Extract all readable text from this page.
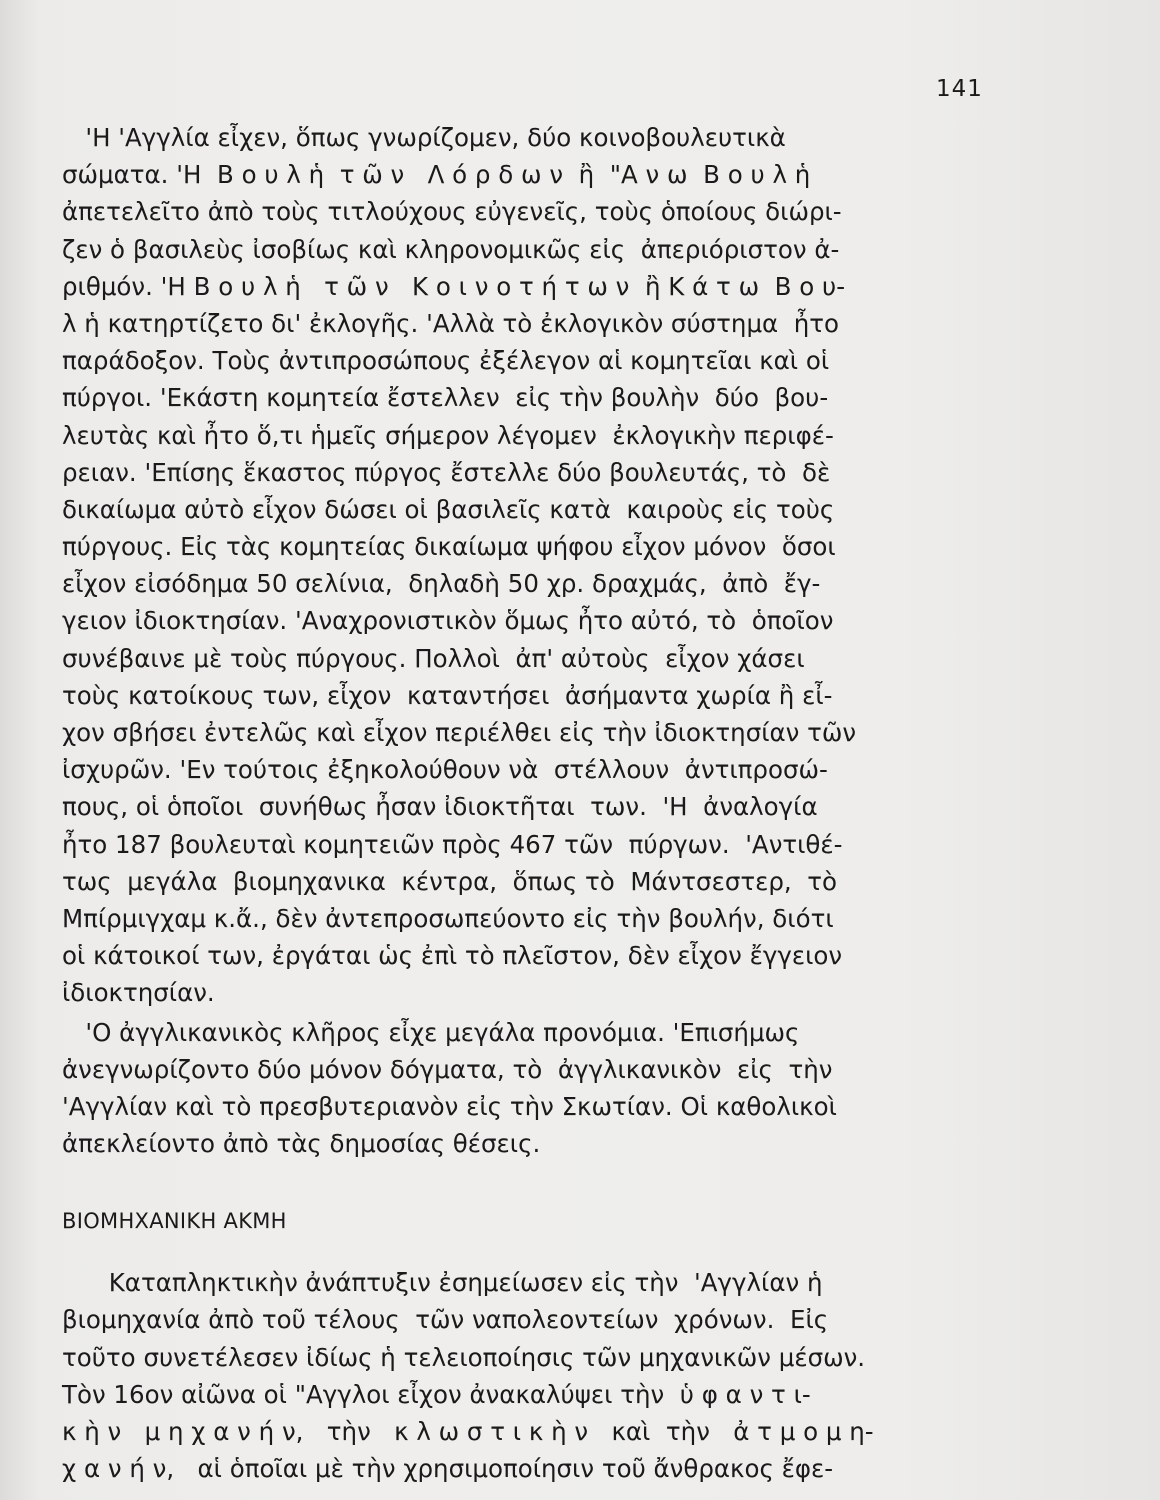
141
'Η 'Αγγλία εἶχεν, ὅπως γνωρίζομεν, δύο κοινοβουλευτικὰ
σώματα. 'Η  Β ο υ λ ἡ  τ ῶ ν   Λ ό ρ δ ω ν  ἢ  "Α ν ω  Β ο υ λ ἡ
ἀπετελεῖτο ἀπὸ τοὺς τιτλούχους εὐγενεῖς, τοὺς ὁποίους διώρι-
ζεν ὁ βασιλεὺς ἰσοβίως καὶ κληρονομικῶς εἰς  ἀπεριόριστον ἀ-
ριθμόν. 'Η Β ο υ λ ἡ   τ ῶ ν   Κ ο ι ν ο τ ή τ ω ν  ἢ Κ ά τ ω  Β ο υ-
λ ἡ κατηρτίζετο δι' ἐκλογῆς. 'Αλλὰ τὸ ἐκλογικὸν σύστημα  ἦτο
παράδοξον. Τοὺς ἀντιπροσώπους ἐξέλεγον αἱ κομητεῖαι καὶ οἱ
πύργοι. 'Εκάστη κομητεία ἔστελλεν  εἰς τὴν βουλὴν  δύο  βου-
λευτὰς καὶ ἦτο ὅ,τι ἡμεῖς σήμερον λέγομεν  ἐκλογικὴν περιφέ-
ρειαν. 'Επίσης ἕκαστος πύργος ἔστελλε δύο βουλευτάς, τὸ  δὲ
δικαίωμα αὐτὸ εἶχον δώσει οἱ βασιλεῖς κατὰ  καιροὺς εἰς τοὺς
πύργους. Εἰς τὰς κομητείας δικαίωμα ψήφου εἶχον μόνον  ὅσοι
εἶχον εἰσόδημα 50 σελίνια,  δηλαδὴ 50 χρ. δραχμάς,  ἀπὸ  ἔγ-
γειον ἰδιοκτησίαν. 'Αναχρονιστικὸν ὅμως ἦτο αὐτό, τὸ  ὁποῖον
συνέβαινε μὲ τοὺς πύργους. Πολλοὶ  ἀπ' αὐτοὺς  εἶχον χάσει
τοὺς κατοίκους των, εἶχον  καταντήσει  ἀσήμαντα χωρία ἢ εἶ-
χον σβήσει ἐντελῶς καὶ εἶχον περιέλθει εἰς τὴν ἰδιοκτησίαν τῶν
ἰσχυρῶν. 'Εν τούτοις ἐξηκολούθουν νὰ  στέλλουν  ἀντιπροσώ-
πους, οἱ ὁποῖοι  συνήθως ἦσαν ἰδιοκτῆται  των.  'Η  ἀναλογία
ἦτο 187 βουλευταὶ κομητειῶν πρὸς 467 τῶν  πύργων.  'Αντιθέ-
τως  μεγάλα  βιομηχανικα  κέντρα,  ὅπως τὸ  Μάντσεστερ,  τὸ
Μπίρμιγχαμ κ.ἄ., δὲν ἀντεπροσωπεύοντο εἰς τὴν βουλήν, διότι
οἱ κάτοικοί των, ἐργάται ὡς ἐπὶ τὸ πλεῖστον, δὲν εἶχον ἔγγειον
ἰδιοκτησίαν.
'Ο ἀγγλικανικὸς κλῆρος εἶχε μεγάλα προνόμια. 'Επισήμως
ἀνεγνωρίζοντο δύο μόνον δόγματα, τὸ  ἀγγλικανικὸν  εἰς  τὴν
'Αγγλίαν καὶ τὸ πρεσβυτεριανὸν εἰς τὴν Σκωτίαν. Οἱ καθολικοὶ
ἀπεκλείοντο ἀπὸ τὰς δημοσίας θέσεις.
ΒΙΟΜΗΧΑΝΙΚΗ ΑΚΜΗ
Καταπληκτικὴν ἀνάπτυξιν ἐσημείωσεν εἰς τὴν  'Αγγλίαν ἡ
βιομηχανία ἀπὸ τοῦ τέλους  τῶν ναπολεοντείων  χρόνων.  Εἰς
τοῦτο συνετέλεσεν ἰδίως ἡ τελειοποίησις τῶν μηχανικῶν μέσων.
Τὸν 16ον αἰῶνα οἱ "Αγγλοι εἶχον ἀνακαλύψει τὴν  ὑ φ α ν τ ι-
κ ὴ ν   μ η χ α ν ή ν,   τὴν   κ λ ω σ τ ι κ ὴ ν   καὶ  τὴν   ἀ τ μ ο μ η-
χ α ν ή ν,   αἱ ὁποῖαι μὲ τὴν χρησιμοποίησιν τοῦ ἄνθρακος ἔφε-
